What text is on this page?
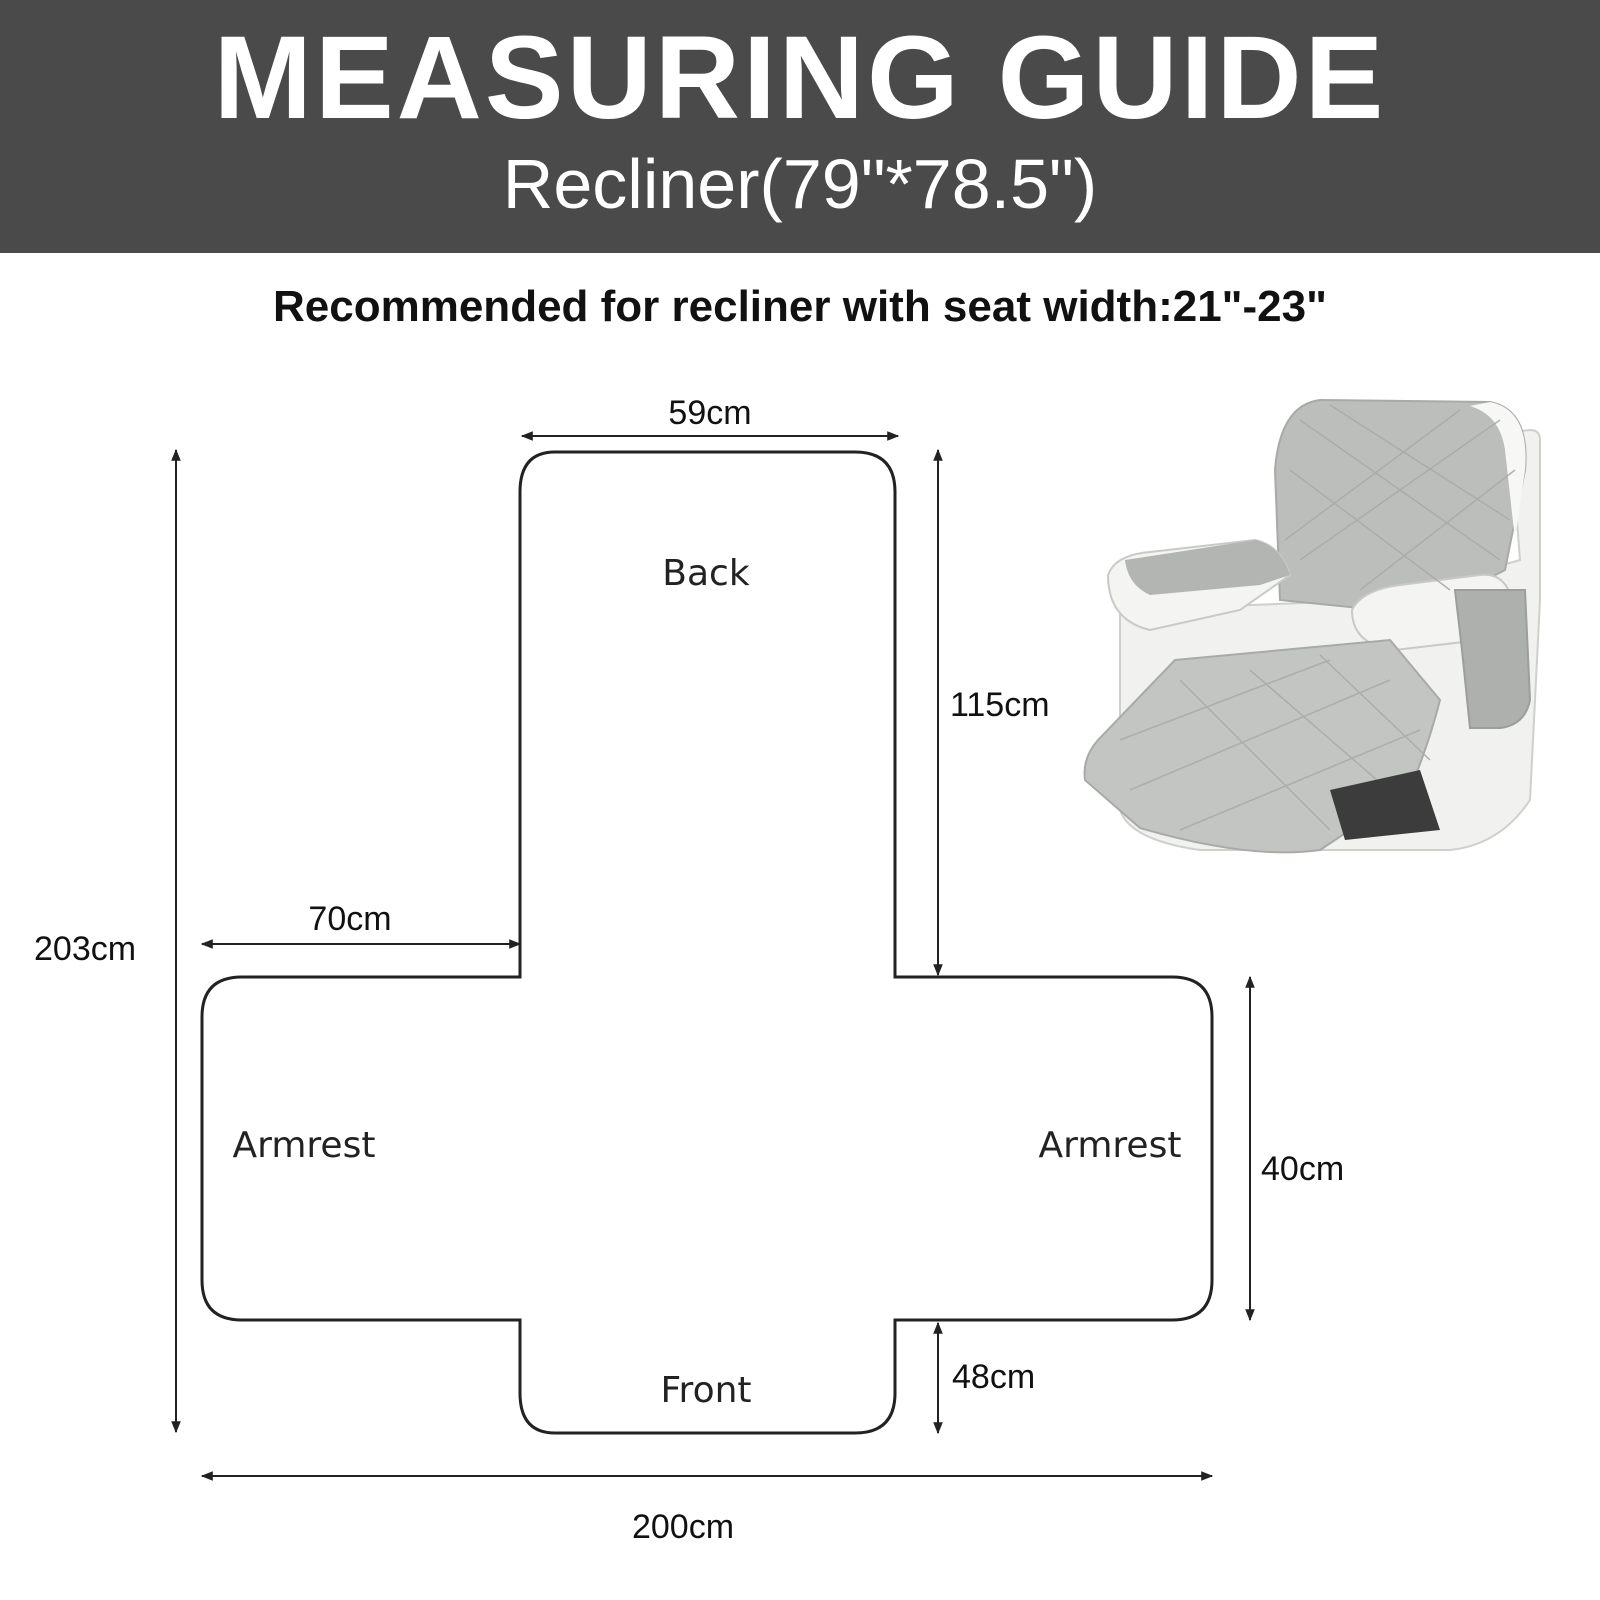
MEASURING GUIDE
Recliner(79"*78.5")
Recommended for recliner with seat width:21"-23"
Back
Armrest	Armrest
Front
59cm
115cm
203cm
70cm
40cm
48cm
200cm
